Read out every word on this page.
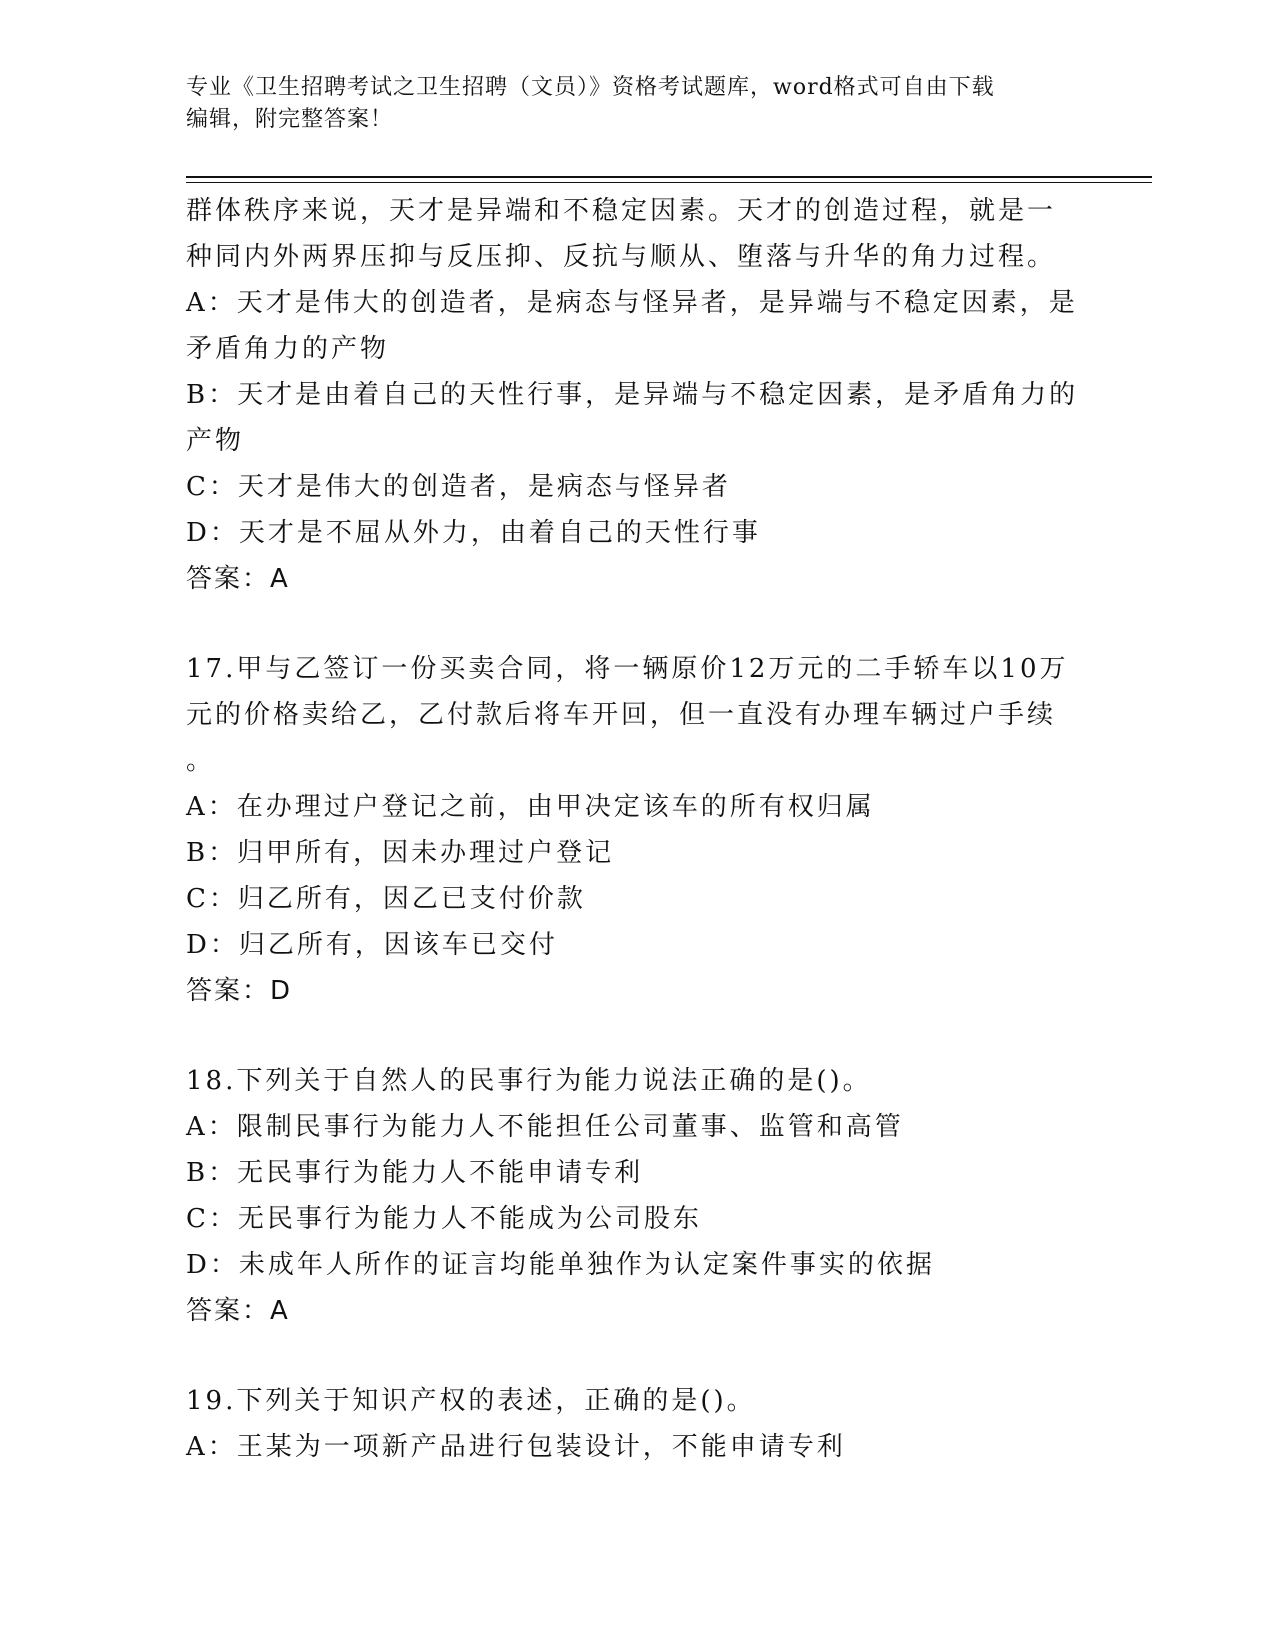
专业《卫生招聘考试之卫生招聘（文员）》资格考试题库，word格式可自由下载
编辑，附完整答案！
群体秩序来说，天才是异端和不稳定因素。天才的创造过程，就是一
种同内外两界压抑与反压抑、反抗与顺从、堕落与升华的角力过程。
A：天才是伟大的创造者，是病态与怪异者，是异端与不稳定因素，是
矛盾角力的产物
B：天才是由着自己的天性行事，是异端与不稳定因素，是矛盾角力的
产物
C：天才是伟大的创造者，是病态与怪异者
D：天才是不屈从外力，由着自己的天性行事
答案：A
17.甲与乙签订一份买卖合同，将一辆原价12万元的二手轿车以10万
元的价格卖给乙，乙付款后将车开回，但一直没有办理车辆过户手续
。
A：在办理过户登记之前，由甲决定该车的所有权归属
B：归甲所有，因未办理过户登记
C：归乙所有，因乙已支付价款
D：归乙所有，因该车已交付
答案：D
18.下列关于自然人的民事行为能力说法正确的是()。
A：限制民事行为能力人不能担任公司董事、监管和高管
B：无民事行为能力人不能申请专利
C：无民事行为能力人不能成为公司股东
D：未成年人所作的证言均能单独作为认定案件事实的依据
答案：A
19.下列关于知识产权的表述，正确的是()。
A：王某为一项新产品进行包装设计，不能申请专利
